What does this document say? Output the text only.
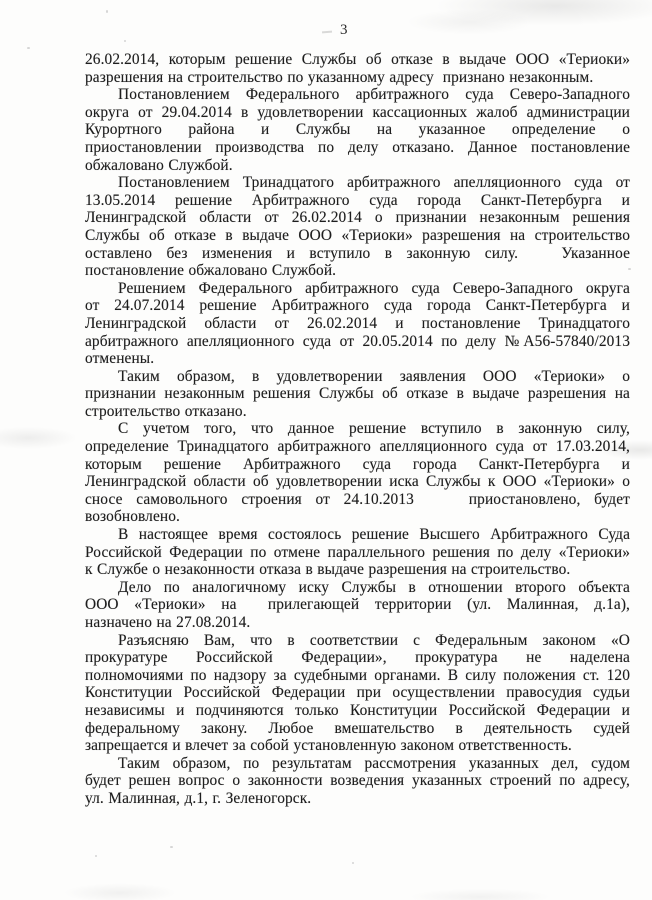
3
26.02.2014, которым решение Службы об отказе в выдаче ООО «Териоки»
разрешения на строительство по указанному адресу  признано незаконным.
Постановлением Федерального арбитражного суда Северо-Западного
округа от 29.04.2014 в удовлетворении кассационных жалоб администрации
Курортного района и Службы на указанное определение о
приостановлении производства по делу отказано. Данное постановление
обжаловано Службой.
Постановлением Тринадцатого арбитражного апелляционного суда от
13.05.2014 решение Арбитражного суда города Санкт-Петербурга и
Ленинградской области от 26.02.2014 о признании незаконным решения
Службы об отказе в выдаче ООО «Териоки» разрешения на строительство
оставлено без изменения и вступило в законную силу.   Указанное
постановление обжаловано Службой.
Решением Федерального арбитражного суда Северо-Западного округа
от 24.07.2014 решение Арбитражного суда города Санкт-Петербурга и
Ленинградской области от 26.02.2014 и постановление Тринадцатого
арбитражного апелляционного суда от 20.05.2014 по делу №А56-57840/2013
отменены.
Таким образом, в удовлетворении заявления ООО «Териоки» о
признании незаконным решения Службы об отказе в выдаче разрешения на
строительство отказано.
С учетом того, что данное решение вступило в законную силу,
определение Тринадцатого арбитражного апелляционного суда от 17.03.2014,
которым решение Арбитражного суда города Санкт-Петербурга и
Ленинградской области об удовлетворении иска Службы к ООО «Териоки» о
сносе самовольного строения от 24.10.2013    приостановлено, будет
возобновлено.
В настоящее время состоялось решение Высшего Арбитражного Суда
Российской Федерации по отмене параллельного решения по делу «Териоки»
к Службе о незаконности отказа в выдаче разрешения на строительство.
Дело по аналогичному иску Службы в отношении второго объекта
ООО «Териоки» на  прилегающей территории (ул. Малинная, д.1а),
назначено на 27.08.2014.
Разъясняю Вам, что в соответствии с Федеральным законом «О
прокуратуре Российской Федерации», прокуратура не наделена
полномочиями по надзору за судебными органами. В силу положения ст. 120
Конституции Российской Федерации при осуществлении правосудия судьи
независимы и подчиняются только Конституции Российской Федерации и
федеральному закону. Любое вмешательство в деятельность судей
запрещается и влечет за собой установленную законом ответственность.
Таким образом, по результатам рассмотрения указанных дел, судом
будет решен вопрос о законности возведения указанных строений по адресу,
ул. Малинная, д.1, г. Зеленогорск.
